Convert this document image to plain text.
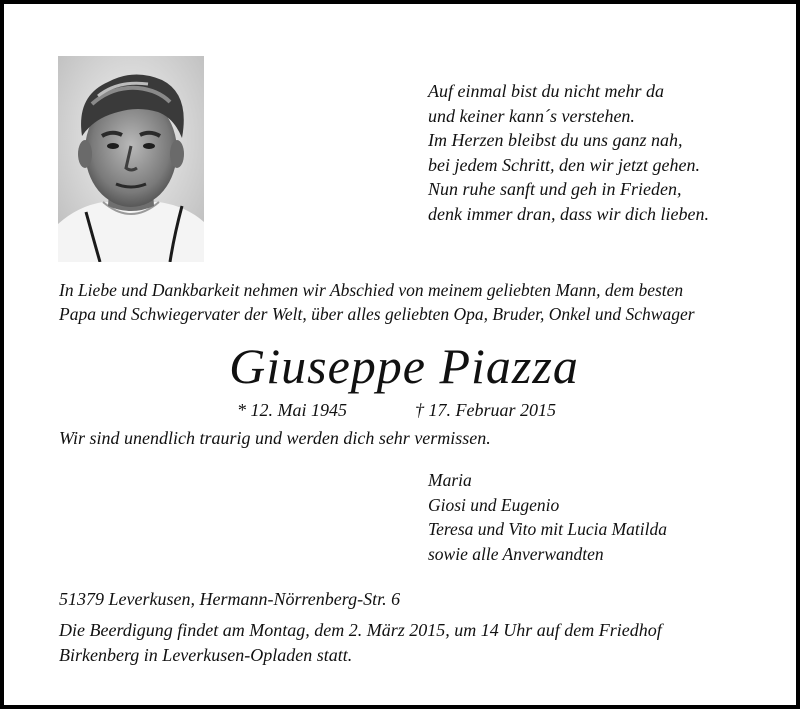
Auf einmal bist du nicht mehr da
und keiner kann´s verstehen.
Im Herzen bleibst du uns ganz nah,
bei jedem Schritt, den wir jetzt gehen.
Nun ruhe sanft und geh in Frieden,
denk immer dran, dass wir dich lieben.
In Liebe und Dankbarkeit nehmen wir Abschied von meinem geliebten Mann, dem besten
Papa und Schwiegervater der Welt, über alles geliebten Opa, Bruder, Onkel und Schwager
Giuseppe Piazza
* 12. Mai 1945	† 17. Februar 2015
Wir sind unendlich traurig und werden dich sehr vermissen.
Maria
Giosi und Eugenio
Teresa und Vito mit Lucia Matilda
sowie alle Anverwandten
51379 Leverkusen, Hermann-Nörrenberg-Str. 6
Die Beerdigung findet am Montag, dem 2. März 2015, um 14 Uhr auf dem Friedhof
Birkenberg in Leverkusen-Opladen statt.
